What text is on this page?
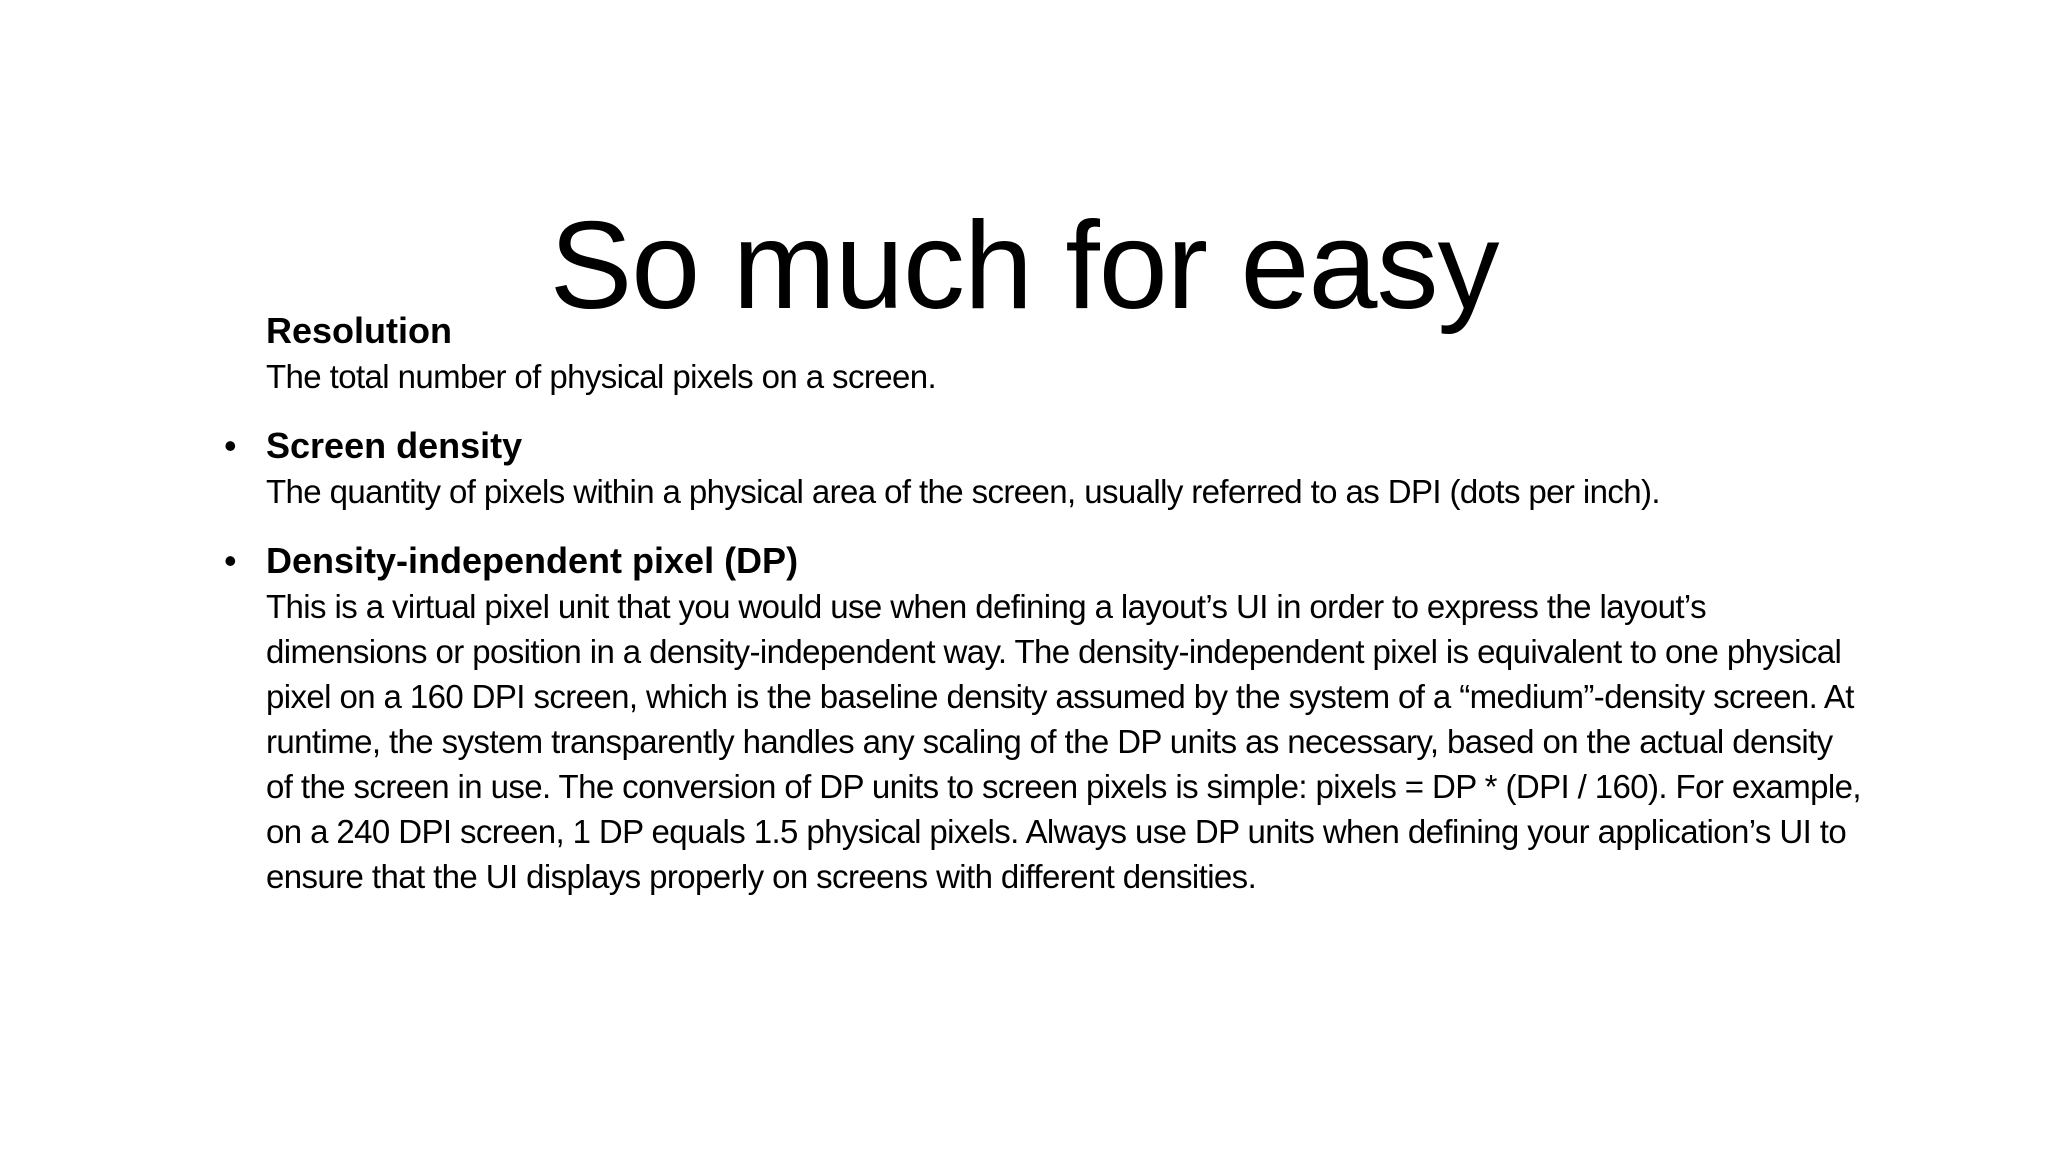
So much for easy
Resolution
The total number of physical pixels on a screen.
• Screen density
The quantity of pixels within a physical area of the screen, usually referred to as DPI (dots per inch).
• Density-independent pixel (DP)
This is a virtual pixel unit that you would use when defining a layout’s UI in order to express the layout’s dimensions or position in a density-independent way. The density-independent pixel is equivalent to one physical pixel on a 160 DPI screen, which is the baseline density assumed by the system of a “medium”-density screen. At runtime, the system transparently handles any scaling of the DP units as necessary, based on the actual density of the screen in use. The conversion of DP units to screen pixels is simple: pixels = DP * (DPI / 160). For example, on a 240 DPI screen, 1 DP equals 1.5 physical pixels. Always use DP units when defining your application’s UI to ensure that the UI displays properly on screens with different densities.
